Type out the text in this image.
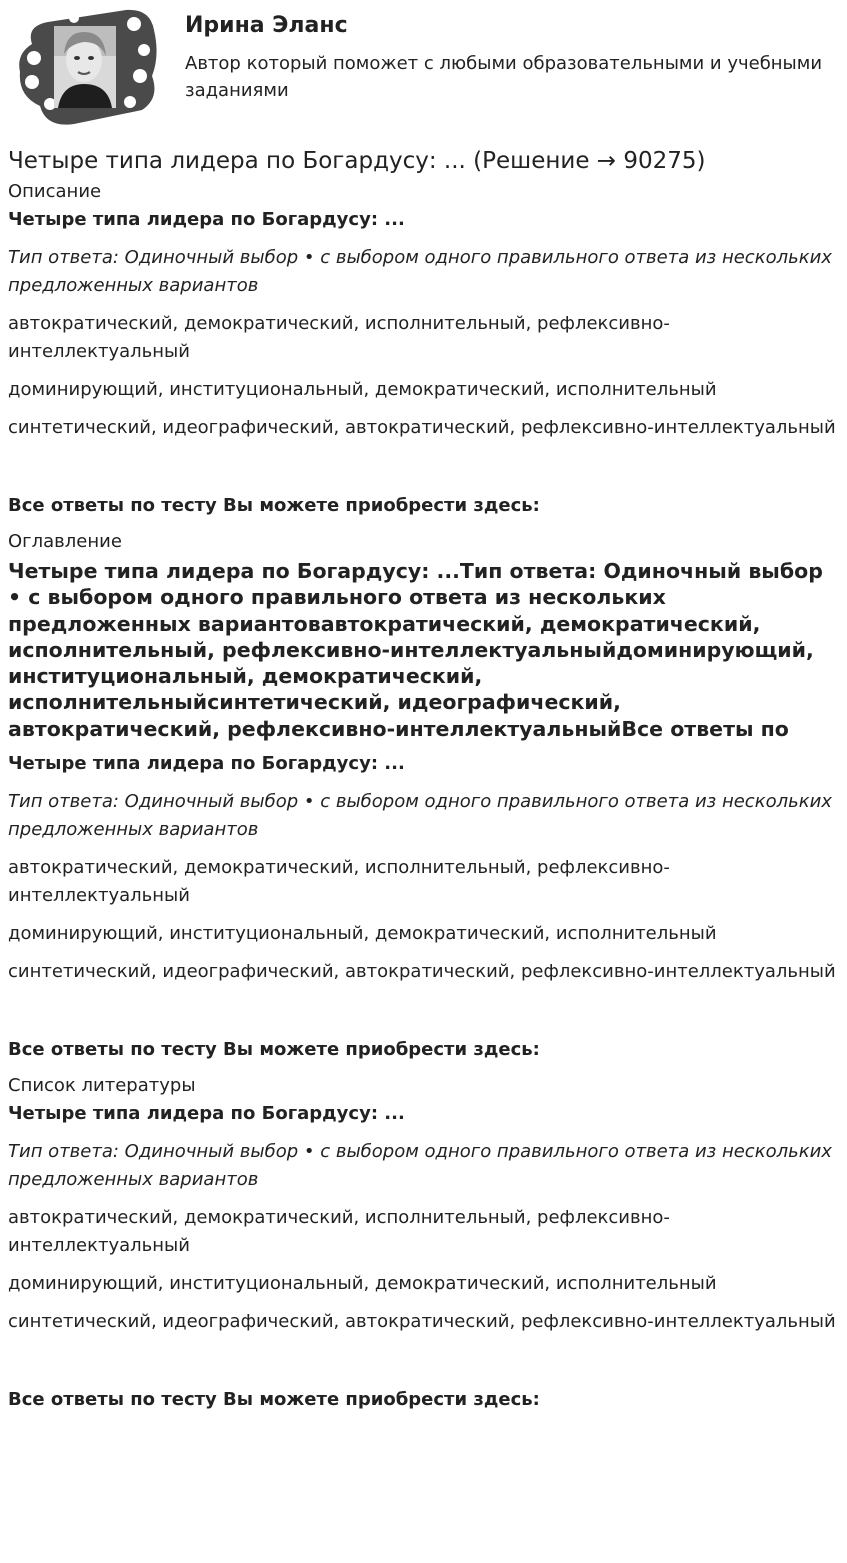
Ирина Эланс

Автор который поможет с любыми образовательными и учебными заданиями

Четыре типа лидера по Богардусу: ... (Решение → 90275)

Описание

Четыре типа лидера по Богардусу: ...

Тип ответа: Одиночный выбор • с выбором одного правильного ответа из нескольких предложенных вариантов

автократический, демократический, исполнительный, рефлексивно-интеллектуальный

доминирующий, институциональный, демократический, исполнительный

синтетический, идеографический, автократический, рефлексивно-интеллектуальный

Все ответы по тесту Вы можете приобрести здесь:

Оглавление

Четыре типа лидера по Богардусу: ...Тип ответа: Одиночный выбор • с выбором одного правильного ответа из нескольких предложенных вариантовавтократический, демократический, исполнительный, рефлексивно-интеллектуальныйдоминирующий, институциональный, демократический, исполнительныйсинтетический, идеографический, автократический, рефлексивно-интеллектуальныйВсе ответы по

Четыре типа лидера по Богардусу: ...

Тип ответа: Одиночный выбор • с выбором одного правильного ответа из нескольких предложенных вариантов

автократический, демократический, исполнительный, рефлексивно-интеллектуальный

доминирующий, институциональный, демократический, исполнительный

синтетический, идеографический, автократический, рефлексивно-интеллектуальный

Все ответы по тесту Вы можете приобрести здесь:

Список литературы

Четыре типа лидера по Богардусу: ...

Тип ответа: Одиночный выбор • с выбором одного правильного ответа из нескольких предложенных вариантов

автократический, демократический, исполнительный, рефлексивно-интеллектуальный

доминирующий, институциональный, демократический, исполнительный

синтетический, идеографический, автократический, рефлексивно-интеллектуальный

Все ответы по тесту Вы можете приобрести здесь:
